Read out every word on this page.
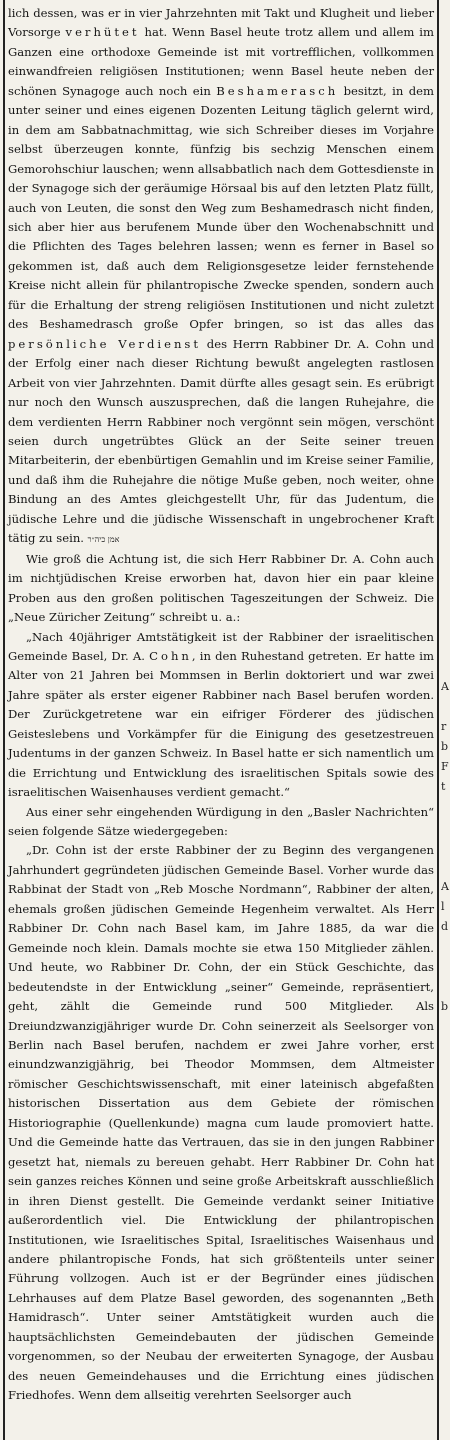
lich dessen, was er in vier Jahrzehnten mit Takt und Klugheit und lieber Vorsorge verhütet hat. Wenn Basel heute trotz allem und allem im Ganzen eine orthodoxe Gemeinde ist mit vortrefflichen, vollkommen einwandfreien religiösen Institutionen; wenn Basel heute neben der schönen Synagoge auch noch ein Beshamerasch besitzt, in dem unter seiner und eines eigenen Dozenten Leitung täglich gelernt wird, in dem am Sabbatnachmittag, wie sich Schreiber dieses im Vorjahre selbst überzeugen konnte, fünfzig bis sechzig Menschen einem Gemorohschiur lauschen; wenn allsabbatlich nach dem Gottesdienste in der Synagoge sich der geräumige Hörsaal bis auf den letzten Platz füllt, auch von Leuten, die sonst den Weg zum Beshamedrasch nicht finden, sich aber hier aus berufenem Munde über den Wochenabschnitt und die Pflichten des Tages belehren lassen; wenn es ferner in Basel so gekommen ist, daß auch dem Religionsgesetze leider fernstehende Kreise nicht allein für philantropische Zwecke spenden, sondern auch für die Erhaltung der streng religiösen Institutionen und nicht zuletzt des Beshamedrasch große Opfer bringen, so ist das alles das persönliche Verdienst des Herrn Rabbiner Dr. A. Cohn und der Erfolg einer nach dieser Richtung bewußt angelegten rastlosen Arbeit von vier Jahrzehnten. Damit dürfte alles gesagt sein. Es erübrigt nur noch den Wunsch auszusprechen, daß die langen Ruhejahre, die dem verdienten Herrn Rabbiner noch vergönnt sein mögen, verschönt seien durch ungetrübtes Glück an der Seite seiner treuen Mitarbeiterin, der ebenbürtigen Gemahlin und im Kreise seiner Familie, und daß ihm die Ruhejahre die nötige Muße geben, noch weiter, ohne Bindung an des Amtes gleichgestellt Uhr, für das Judentum, die jüdische Lehre und die jüdische Wissenschaft in ungebrochener Kraft tätig zu sein. אמן כיה״ר

Wie groß die Achtung ist, die sich Herr Rabbiner Dr. A. Cohn auch im nichtjüdischen Kreise erworben hat, davon hier ein paar kleine Proben aus den großen politischen Tageszeitungen der Schweiz. Die „Neue Züricher Zeitung“ schreibt u. a.:

„Nach 40jähriger Amtstätigkeit ist der Rabbiner der israelitischen Gemeinde Basel, Dr. A. Cohn, in den Ruhestand getreten. Er hatte im Alter von 21 Jahren bei Mommsen in Berlin doktoriert und war zwei Jahre später als erster eigener Rabbiner nach Basel berufen worden. Der Zurückgetretene war ein eifriger Förderer des jüdischen Geisteslebens und Vorkämpfer für die Einigung des gesetzestreuen Judentums in der ganzen Schweiz. In Basel hatte er sich namentlich um die Errichtung und Entwicklung des israelitischen Spitals sowie des israelitischen Waisenhauses verdient gemacht.“

Aus einer sehr eingehenden Würdigung in den „Basler Nachrichten“ seien folgende Sätze wiedergegeben:

„Dr. Cohn ist der erste Rabbiner der zu Beginn des vergangenen Jahrhundert gegründeten jüdischen Gemeinde Basel. Vorher wurde das Rabbinat der Stadt von „Reb Mosche Nordmann“, Rabbiner der alten, ehemals großen jüdischen Gemeinde Hegenheim verwaltet. Als Herr Rabbiner Dr. Cohn nach Basel kam, im Jahre 1885, da war die Gemeinde noch klein. Damals mochte sie etwa 150 Mitglieder zählen. Und heute, wo Rabbiner Dr. Cohn, der ein Stück Geschichte, das bedeutendste in der Entwicklung „seiner“ Gemeinde, repräsentiert, geht, zählt die Gemeinde rund 500 Mitglieder. Als Dreiundzwanzigjähriger wurde Dr. Cohn seinerzeit als Seelsorger von Berlin nach Basel berufen, nachdem er zwei Jahre vorher, erst einundzwanzigjährig, bei Theodor Mommsen, dem Altmeister römischer Geschichtswissenschaft, mit einer lateinisch abgefaßten historischen Dissertation aus dem Gebiete der römischen Historiographie (Quellenkunde) magna cum laude promoviert hatte. Und die Gemeinde hatte das Vertrauen, das sie in den jungen Rabbiner gesetzt hat, niemals zu bereuen gehabt. Herr Rabbiner Dr. Cohn hat sein ganzes reiches Können und seine große Arbeitskraft ausschließlich in ihren Dienst gestellt. Die Gemeinde verdankt seiner Initiative außerordentlich viel. Die Entwicklung der philantropischen Institutionen, wie Israelitisches Spital, Israelitisches Waisenhaus und andere philantropische Fonds, hat sich größtenteils unter seiner Führung vollzogen. Auch ist er der Begründer eines jüdischen Lehrhauses auf dem Platze Basel geworden, des sogenannten „Beth Hamidrasch“. Unter seiner Amtstätigkeit wurden auch die hauptsächlichsten Gemeindebauten der jüdischen Gemeinde vorgenommen, so der Neubau der erweiterten Synagoge, der Ausbau des neuen Gemeindehauses und die Errichtung eines jüdischen Friedhofes. Wenn dem allseitig verehrten Seelsorger auch

A
r
b
F
t
A
l
d
b
